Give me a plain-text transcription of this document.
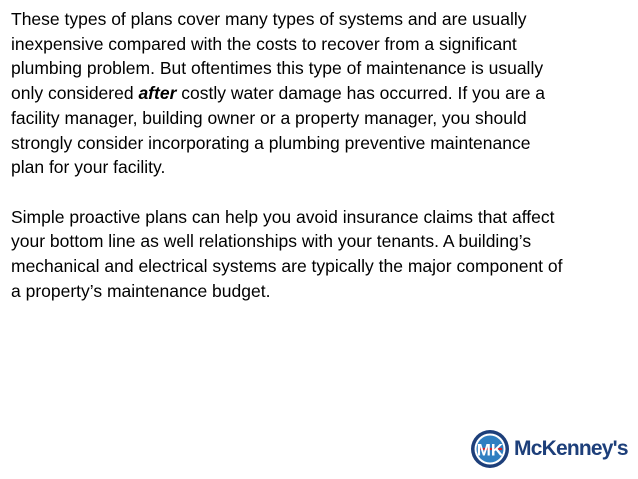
These types of plans cover many types of systems and are usually
inexpensive compared with the costs to recover from a significant
plumbing problem. But oftentimes this type of maintenance is usually
only considered after costly water damage has occurred. If you are a
facility manager, building owner or a property manager, you should
strongly consider incorporating a plumbing preventive maintenance
plan for your facility.
Simple proactive plans can help you avoid insurance claims that affect
your bottom line as well relationships with your tenants. A building’s
mechanical and electrical systems are typically the major component of
a property’s maintenance budget.
MK McKenney's
